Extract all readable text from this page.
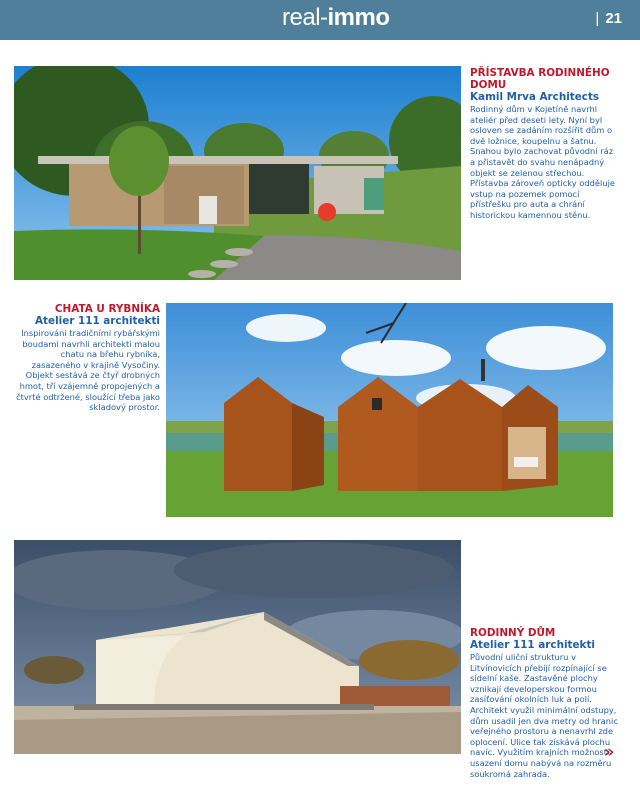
real-immo	| 21

PŘÍSTAVBA RODINNÉHO DOMU

Kamil Mrva Architects

Rodinný dům v Kojetíně navrhl ateliér před deseti lety. Nyní byl osloven se zadáním rozšířit dům o dvě ložnice, koupelnu a šatnu. Snahou bylo zachovat původní ráz a přistavět do svahu nenápadný objekt se zelenou střechou. Přístavba zároveň opticky odděluje vstup na pozemek pomocí přístřešku pro auta a chrání historickou kamennou stěnu.

CHATA U RYBNÍKA

Atelier 111 architekti

Inspirováni tradičními rybářskými boudami navrhli architekti malou chatu na břehu rybníka, zasazeného v krajině Vysočiny. Objekt sestává ze čtyř drobných hmot, tří vzájemně propojených a čtvrté odtržené, sloužící třeba jako skladový prostor.

RODINNÝ DŮM

Atelier 111 architekti

Původní uliční strukturu v Litvínovicích přebíjí rozpínající se sídelní kaše. Zastavěné plochy vznikají developerskou formou zasíťování okolních luk a polí. Architekt využil minimální odstupy, dům usadil jen dva metry od hranic veřejného prostoru a nenavrhl zde oplocení. Ulice tak získává plochu navíc. Využitím krajních možností usazení domu nabývá na rozměru soukromá zahrada.

»
